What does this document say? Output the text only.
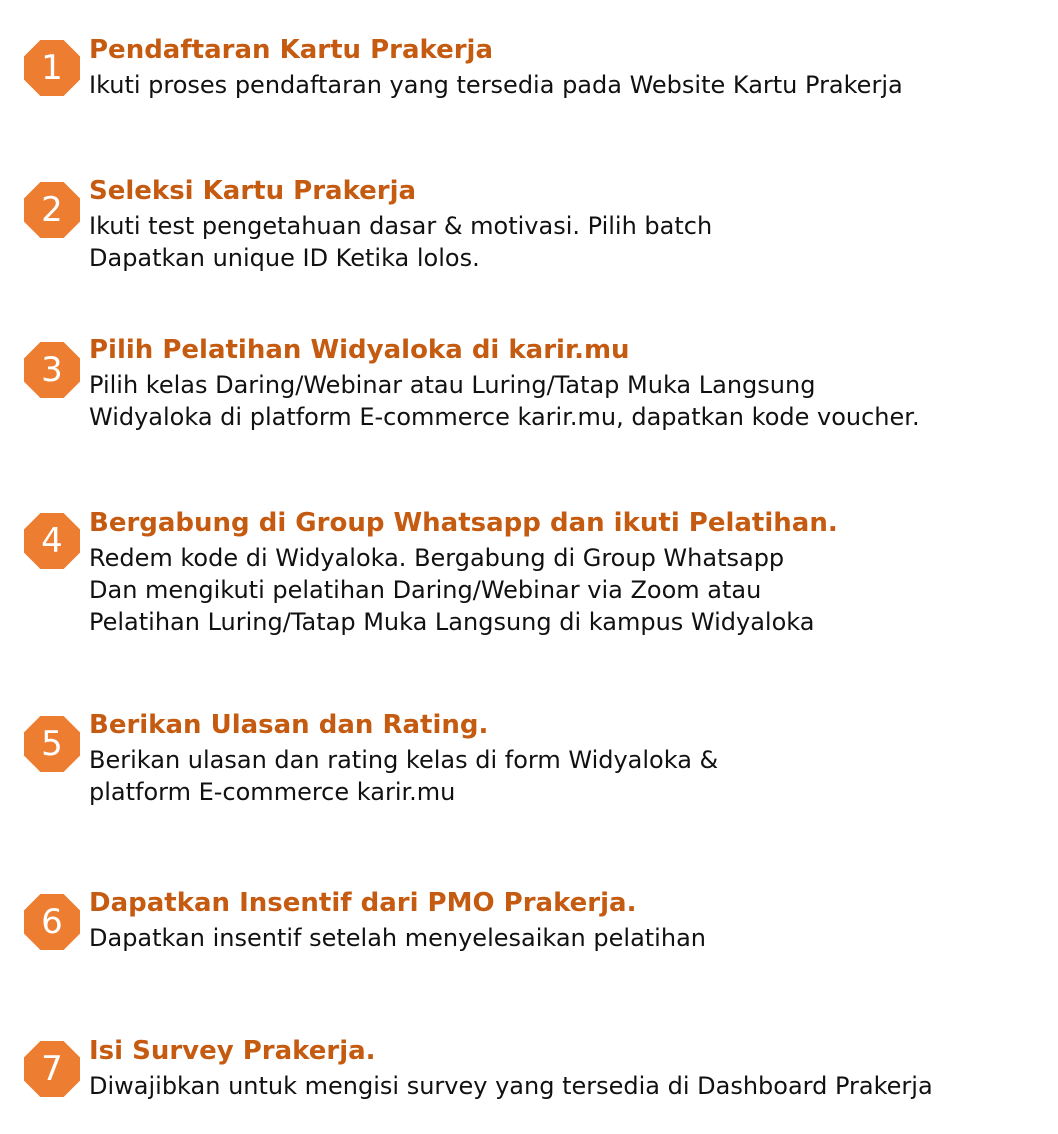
1	Pendaftaran Kartu Prakerja

Ikuti proses pendaftaran yang tersedia pada Website Kartu Prakerja

2	Seleksi Kartu Prakerja

Ikuti test pengetahuan dasar & motivasi. Pilih batch

Dapatkan unique ID Ketika lolos.

3	Pilih Pelatihan Widyaloka di karir.mu

Pilih kelas Daring/Webinar atau Luring/Tatap Muka Langsung

Widyaloka di platform E-commerce karir.mu, dapatkan kode voucher.

4	Bergabung di Group Whatsapp dan ikuti Pelatihan.

Redem kode di Widyaloka. Bergabung di Group Whatsapp

Dan mengikuti pelatihan Daring/Webinar via Zoom atau

Pelatihan Luring/Tatap Muka Langsung di kampus Widyaloka

5	Berikan Ulasan dan Rating.

Berikan ulasan dan rating kelas di form Widyaloka &

platform E-commerce karir.mu

6	Dapatkan Insentif dari PMO Prakerja.

Dapatkan insentif setelah menyelesaikan pelatihan

7	Isi Survey Prakerja.

Diwajibkan untuk mengisi survey yang tersedia di Dashboard Prakerja
